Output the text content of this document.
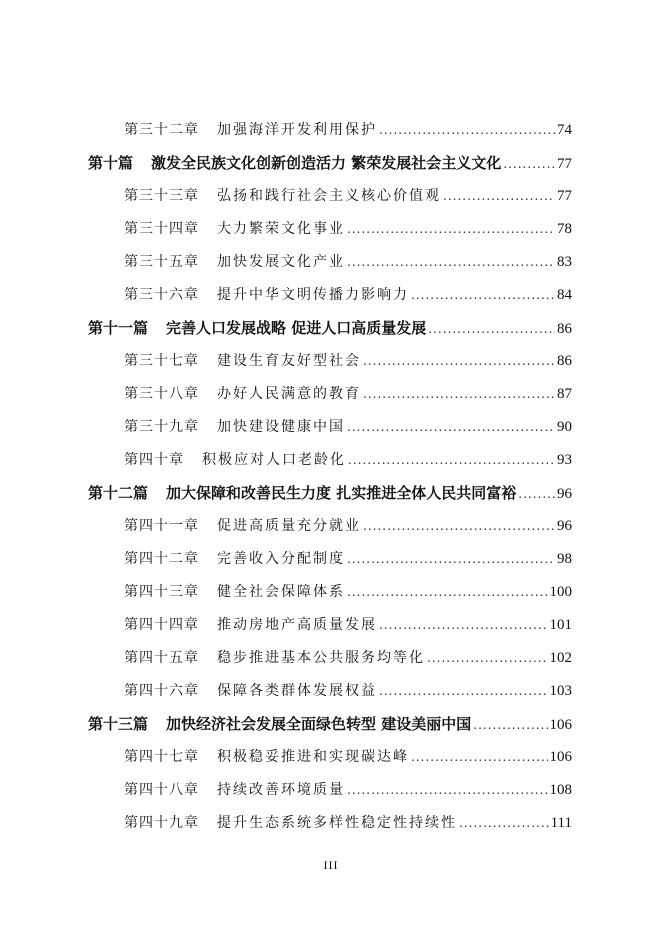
第三十二章 加强海洋开发利用保护 .....	74
第十篇 激发全民族文化创新创造活力 繁荣发展社会主义文化 .....	77
第三十三章 弘扬和践行社会主义核心价值观 .....	77
第三十四章 大力繁荣文化事业 .....	78
第三十五章 加快发展文化产业 .....	83
第三十六章 提升中华文明传播力影响力 .....	84
第十一篇 完善人口发展战略 促进人口高质量发展 .....	86
第三十七章 建设生育友好型社会 .....	86
第三十八章 办好人民满意的教育 .....	87
第三十九章 加快建设健康中国 .....	90
第四十章 积极应对人口老龄化 .....	93
第十二篇 加大保障和改善民生力度 扎实推进全体人民共同富裕 .....	96
第四十一章 促进高质量充分就业 .....	96
第四十二章 完善收入分配制度 .....	98
第四十三章 健全社会保障体系 .....	100
第四十四章 推动房地产高质量发展 .....	101
第四十五章 稳步推进基本公共服务均等化 .....	102
第四十六章 保障各类群体发展权益 .....	103
第十三篇 加快经济社会发展全面绿色转型 建设美丽中国 .....	106
第四十七章 积极稳妥推进和实现碳达峰 .....	106
第四十八章 持续改善环境质量 .....	108
第四十九章 提升生态系统多样性稳定性持续性 .....	111
III
